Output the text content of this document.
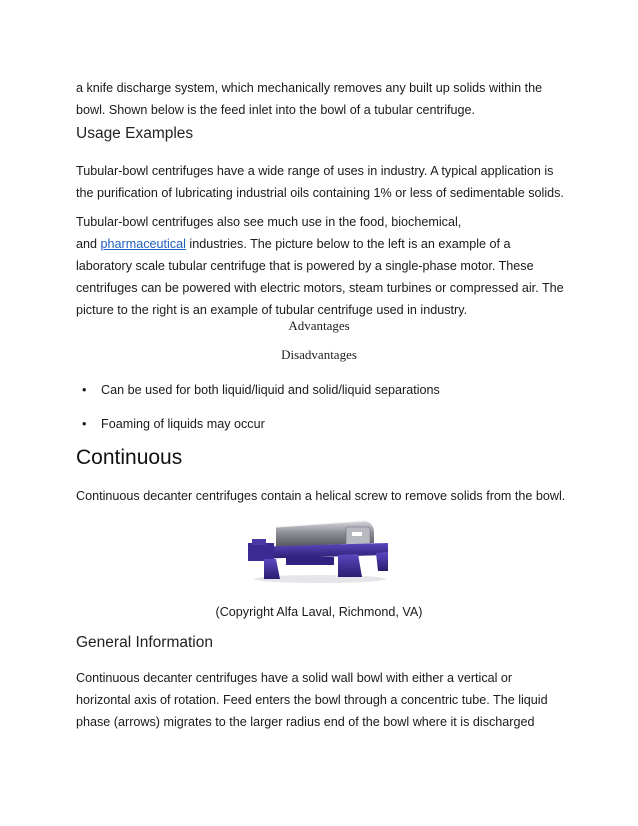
a knife discharge system, which mechanically removes any built up solids within the
bowl. Shown below is the feed inlet into the bowl of a tubular centrifuge.
Usage Examples
Tubular-bowl centrifuges have a wide range of uses in industry. A typical application is
the purification of lubricating industrial oils containing 1% or less of sedimentable solids.
Tubular-bowl centrifuges also see much use in the food, biochemical,
and pharmaceutical industries. The picture below to the left is an example of a
laboratory scale tubular centrifuge that is powered by a single-phase motor. These
centrifuges can be powered with electric motors, steam turbines or compressed air. The
picture to the right is an example of tubular centrifuge used in industry.
Advantages
Disadvantages
• Can be used for both liquid/liquid and solid/liquid separations
• Foaming of liquids may occur
Continuous
Continuous decanter centrifuges contain a helical screw to remove solids from the bowl.
(Copyright Alfa Laval, Richmond, VA)
General Information
Continuous decanter centrifuges have a solid wall bowl with either a vertical or
horizontal axis of rotation. Feed enters the bowl through a concentric tube. The liquid
phase (arrows) migrates to the larger radius end of the bowl where it is discharged
